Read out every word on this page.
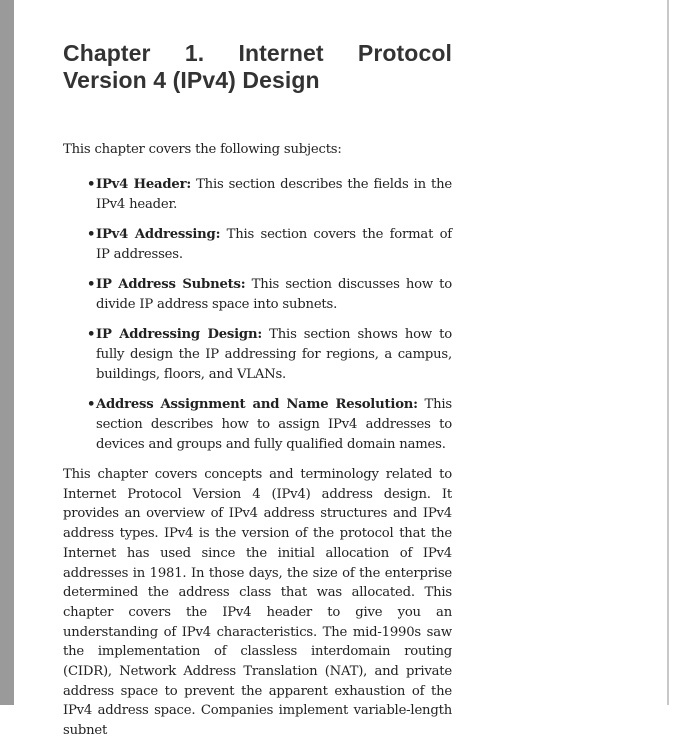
Chapter 1. Internet Protocol
Version 4 (IPv4) Design
This chapter covers the following subjects:
• IPv4 Header: This section describes the fields in the IPv4 header.
• IPv4 Addressing: This section covers the format of IP addresses.
• IP Address Subnets: This section discusses how to divide IP address space into subnets.
• IP Addressing Design: This section shows how to fully design the IP addressing for regions, a campus, buildings, floors, and VLANs.
• Address Assignment and Name Resolution: This section describes how to assign IPv4 addresses to devices and groups and fully qualified domain names.

This chapter covers concepts and terminology related to Internet Protocol Version 4 (IPv4) address design. It provides an overview of IPv4 address structures and IPv4 address types. IPv4 is the version of the protocol that the Internet has used since the initial allocation of IPv4 addresses in 1981. In those days, the size of the enterprise determined the address class that was allocated. This chapter covers the IPv4 header to give you an understanding of IPv4 characteristics. The mid-1990s saw the implementation of classless interdomain routing (CIDR), Network Address Translation (NAT), and private address space to prevent the apparent exhaustion of the IPv4 address space. Companies implement variable-length subnet
